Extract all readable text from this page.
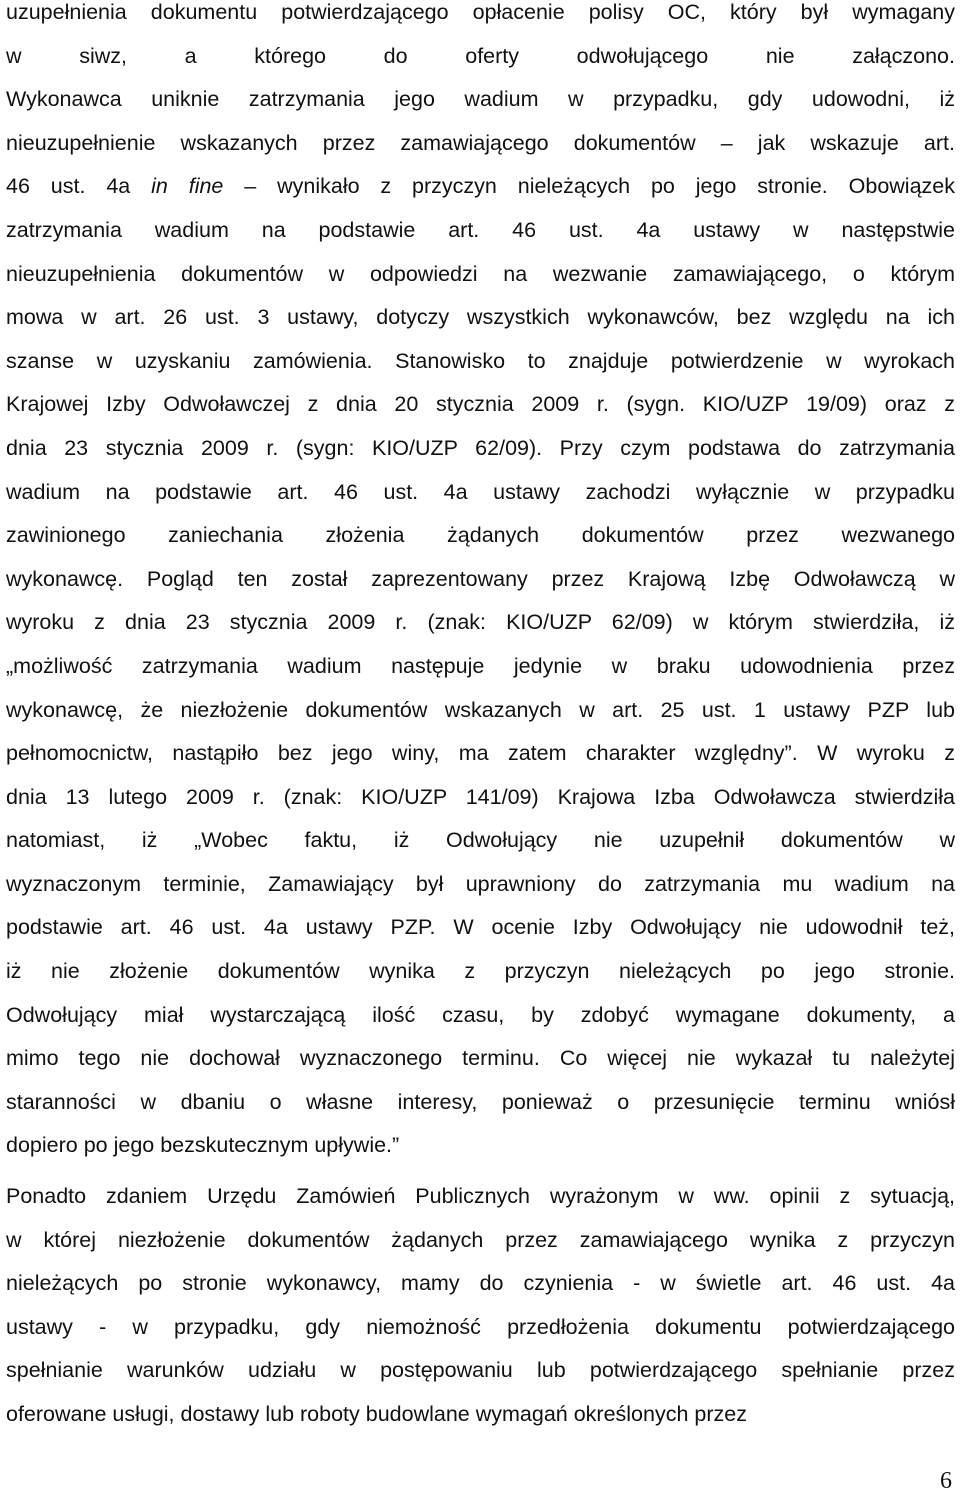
uzupełnienia dokumentu potwierdzającego opłacenie polisy OC, który był wymagany
w siwz, a którego do oferty odwołującego nie załączono.
Wykonawca uniknie zatrzymania jego wadium w przypadku, gdy udowodni, iż
nieuzupełnienie wskazanych przez zamawiającego dokumentów – jak wskazuje art.
46 ust. 4a in fine – wynikało z przyczyn nieleżących po jego stronie. Obowiązek
zatrzymania wadium na podstawie art. 46 ust. 4a ustawy w następstwie
nieuzupełnienia dokumentów w odpowiedzi na wezwanie zamawiającego, o którym
mowa w art. 26 ust. 3 ustawy, dotyczy wszystkich wykonawców, bez względu na ich
szanse w uzyskaniu zamówienia. Stanowisko to znajduje potwierdzenie w wyrokach
Krajowej Izby Odwoławczej z dnia 20 stycznia 2009 r. (sygn. KIO/UZP 19/09) oraz z
dnia 23 stycznia 2009 r. (sygn: KIO/UZP 62/09). Przy czym podstawa do zatrzymania
wadium na podstawie art. 46 ust. 4a ustawy zachodzi wyłącznie w przypadku
zawinionego zaniechania złożenia żądanych dokumentów przez wezwanego
wykonawcę. Pogląd ten został zaprezentowany przez Krajową Izbę Odwoławczą w
wyroku z dnia 23 stycznia 2009 r. (znak: KIO/UZP 62/09) w którym stwierdziła, iż
„możliwość zatrzymania wadium następuje jedynie w braku udowodnienia przez
wykonawcę, że niezłożenie dokumentów wskazanych w art. 25 ust. 1 ustawy PZP lub
pełnomocnictw, nastąpiło bez jego winy, ma zatem charakter względny”. W wyroku z
dnia 13 lutego 2009 r. (znak: KIO/UZP 141/09) Krajowa Izba Odwoławcza stwierdziła
natomiast, iż „Wobec faktu, iż Odwołujący nie uzupełnił dokumentów w
wyznaczonym terminie, Zamawiający był uprawniony do zatrzymania mu wadium na
podstawie art. 46 ust. 4a ustawy PZP. W ocenie Izby Odwołujący nie udowodnił też,
iż nie złożenie dokumentów wynika z przyczyn nieleżących po jego stronie.
Odwołujący miał wystarczającą ilość czasu, by zdobyć wymagane dokumenty, a
mimo tego nie dochował wyznaczonego terminu. Co więcej nie wykazał tu należytej
staranności w dbaniu o własne interesy, ponieważ o przesunięcie terminu wniósł
dopiero po jego bezskutecznym upływie.”
Ponadto zdaniem Urzędu Zamówień Publicznych wyrażonym w ww. opinii z sytuacją,
w której niezłożenie dokumentów żądanych przez zamawiającego wynika z przyczyn
nieleżących po stronie wykonawcy, mamy do czynienia - w świetle art. 46 ust. 4a
ustawy - w przypadku, gdy niemożność przedłożenia dokumentu potwierdzającego
spełnianie warunków udziału w postępowaniu lub potwierdzającego spełnianie przez
oferowane usługi, dostawy lub roboty budowlane wymagań określonych przez
6
